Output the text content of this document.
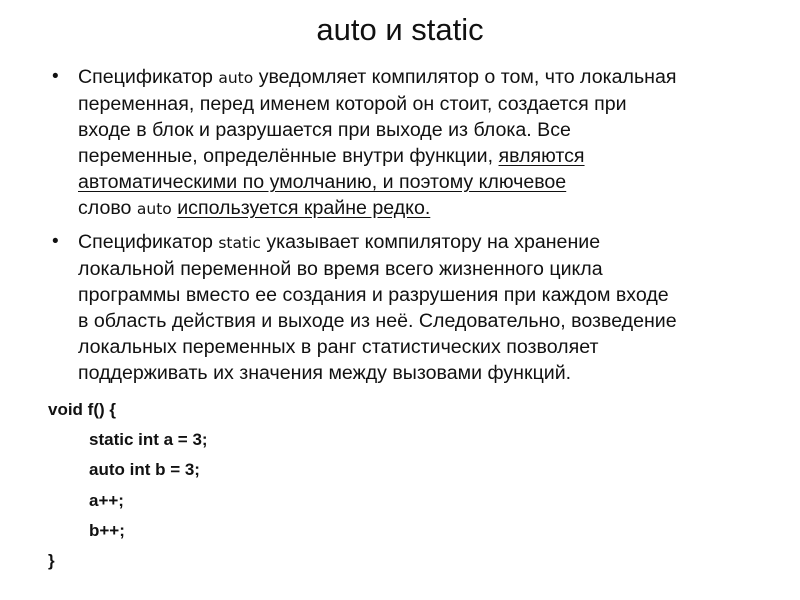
auto и static
• Спецификатор auto уведомляет компилятор о том, что локальная
переменная, перед именем которой он стоит, создается при
входе в блок и разрушается при выходе из блока. Все
переменные, определённые внутри функции, являются
автоматическими по умолчанию, и поэтому ключевое
слово auto используется крайне редко.
• Спецификатор static указывает компилятору на хранение
локальной переменной во время всего жизненного цикла
программы вместо ее создания и разрушения при каждом входе
в область действия и выходе из неё. Следовательно, возведение
локальных переменных в ранг статистических позволяет
поддерживать их значения между вызовами функций.
void f() {
static int a = 3;
auto int b = 3;
a++;
b++;
}
